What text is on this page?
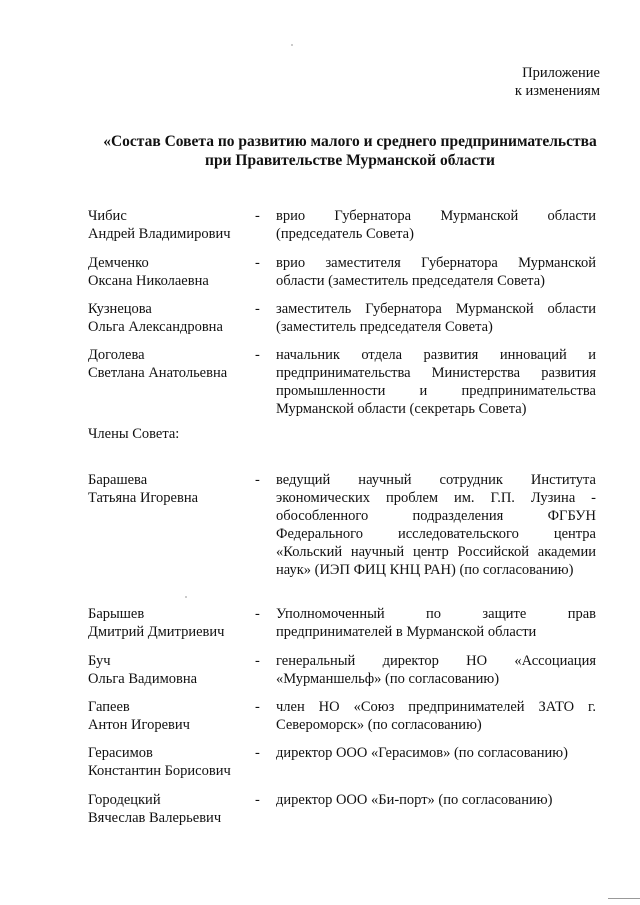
Приложение
к изменениям
«Состав Совета по развитию малого и среднего предпринимательства
при Правительстве Мурманской области
Чибис
Андрей Владимирович
- врио Губернатора Мурманской области (председатель Совета)
Демченко
Оксана Николаевна
- врио заместителя Губернатора Мурманской области (заместитель председателя Совета)
Кузнецова
Ольга Александровна
- заместитель Губернатора Мурманской области (заместитель председателя Совета)
Доголева
Светлана Анатольевна
- начальник отдела развития инноваций и предпринимательства Министерства развития промышленности и предпринимательства Мурманской области (секретарь Совета)
Члены Совета:
Барашева
Татьяна Игоревна
- ведущий научный сотрудник Института экономических проблем им. Г.П. Лузина - обособленного подразделения ФГБУН Федерального исследовательского центра «Кольский научный центр Российской академии наук» (ИЭП ФИЦ КНЦ РАН) (по согласованию)
Барышев
Дмитрий Дмитриевич
- Уполномоченный по защите прав предпринимателей в Мурманской области
Буч
Ольга Вадимовна
- генеральный директор НО «Ассоциация «Мурманшельф» (по согласованию)
Гапеев
Антон Игоревич
- член НО «Союз предпринимателей ЗАТО г. Североморск» (по согласованию)
Герасимов
Константин Борисович
- директор ООО «Герасимов» (по согласованию)
Городецкий
Вячеслав Валерьевич
- директор ООО «Би-порт» (по согласованию)
